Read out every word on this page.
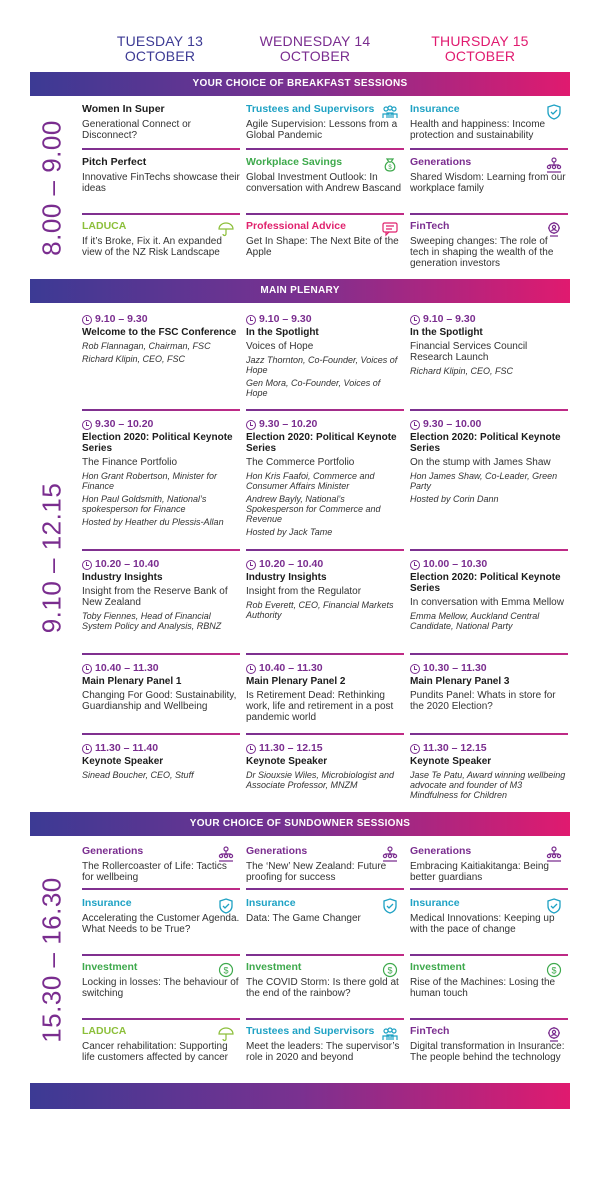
TUESDAY 13
OCTOBER
WEDNESDAY 14
OCTOBER
THURSDAY 15
OCTOBER
YOUR CHOICE OF BREAKFAST SESSIONS
MAIN PLENARY
YOUR CHOICE OF SUNDOWNER SESSIONS
8.00 – 9.00
9.10 – 12.15
15.30 – 16.30
Women In Super
Generational Connect or Disconnect?
Trustees and Supervisors
Agile Supervision: Lessons from a Global Pandemic
Insurance
Health and happiness: Income protection and sustainability
Pitch Perfect
Innovative FinTechs showcase their ideas
Workplace Savings
Global Investment Outlook: In conversation with Andrew Bascand
$ Generations
Shared Wisdom: Learning from our workplace family
LADUCA
If it’s Broke, Fix it. An expanded view of the NZ Risk Landscape
Professional Advice
Get In Shape: The Next Bite of the Apple
FinTech
Sweeping changes: The role of tech in shaping the wealth of the generation investors
9.10 – 9.30
Welcome to the FSC Conference
Rob Flannagan, Chairman, FSC
Richard Klipin, CEO, FSC
9.10 – 9.30
In the Spotlight
Voices of Hope
Jazz Thornton, Co-Founder, Voices of Hope
Gen Mora, Co-Founder, Voices of Hope
9.10 – 9.30
In the Spotlight
Financial Services Council Research Launch
Richard Klipin, CEO, FSC
9.30 – 10.20
Election 2020: Political Keynote Series
The Finance Portfolio
Hon Grant Robertson, Minister for Finance
Hon Paul Goldsmith, National’s spokesperson for Finance
Hosted by Heather du Plessis-Allan
9.30 – 10.20
Election 2020: Political Keynote Series
The Commerce Portfolio
Hon Kris Faafoi, Commerce and Consumer Affairs Minister
Andrew Bayly, National’s Spokesperson for Commerce and Revenue
Hosted by Jack Tame
9.30 – 10.00
Election 2020: Political Keynote Series
On the stump with James Shaw
Hon James Shaw, Co-Leader, Green Party
Hosted by Corin Dann
10.20 – 10.40
Industry Insights
Insight from the Reserve Bank of New Zealand
Toby Fiennes, Head of Financial System Policy and Analysis, RBNZ
10.20 – 10.40
Industry Insights
Insight from the Regulator
Rob Everett, CEO, Financial Markets Authority
10.00 – 10.30
Election 2020: Political Keynote Series
In conversation with Emma Mellow
Emma Mellow, Auckland Central Candidate, National Party
10.40 – 11.30
Main Plenary Panel 1
Changing For Good: Sustainability, Guardianship and Wellbeing
10.40 – 11.30
Main Plenary Panel 2
Is Retirement Dead: Rethinking work, life and retirement in a post pandemic world
10.30 – 11.30
Main Plenary Panel 3
Pundits Panel: Whats in store for the 2020 Election?
11.30 – 11.40
Keynote Speaker
Sinead Boucher, CEO, Stuff
11.30 – 12.15
Keynote Speaker
Dr Siouxsie Wiles, Microbiologist and Associate Professor, MNZM
11.30 – 12.15
Keynote Speaker
Jase Te Patu, Award winning wellbeing advocate and founder of M3 Mindfulness for Children
Generations
The Rollercoaster of Life: Tactics for wellbeing
Generations
The ‘New’ New Zealand: Future proofing for success
Generations
Embracing Kaitiakitanga: Being better guardians
Insurance
Accelerating the Customer Agenda. What Needs to be True?
Insurance
Data: The Game Changer
Insurance
Medical Innovations: Keeping up with the pace of change
Investment
Locking in losses: The behaviour of switching
$ Investment
The COVID Storm: Is there gold at the end of the rainbow?
$ Investment
Rise of the Machines: Losing the human touch
$
LADUCA
Cancer rehabilitation: Supporting life customers affected by cancer
Trustees and Supervisors
Meet the leaders: The supervisor’s role in 2020 and beyond
FinTech
Digital transformation in Insurance: The people behind the technology
